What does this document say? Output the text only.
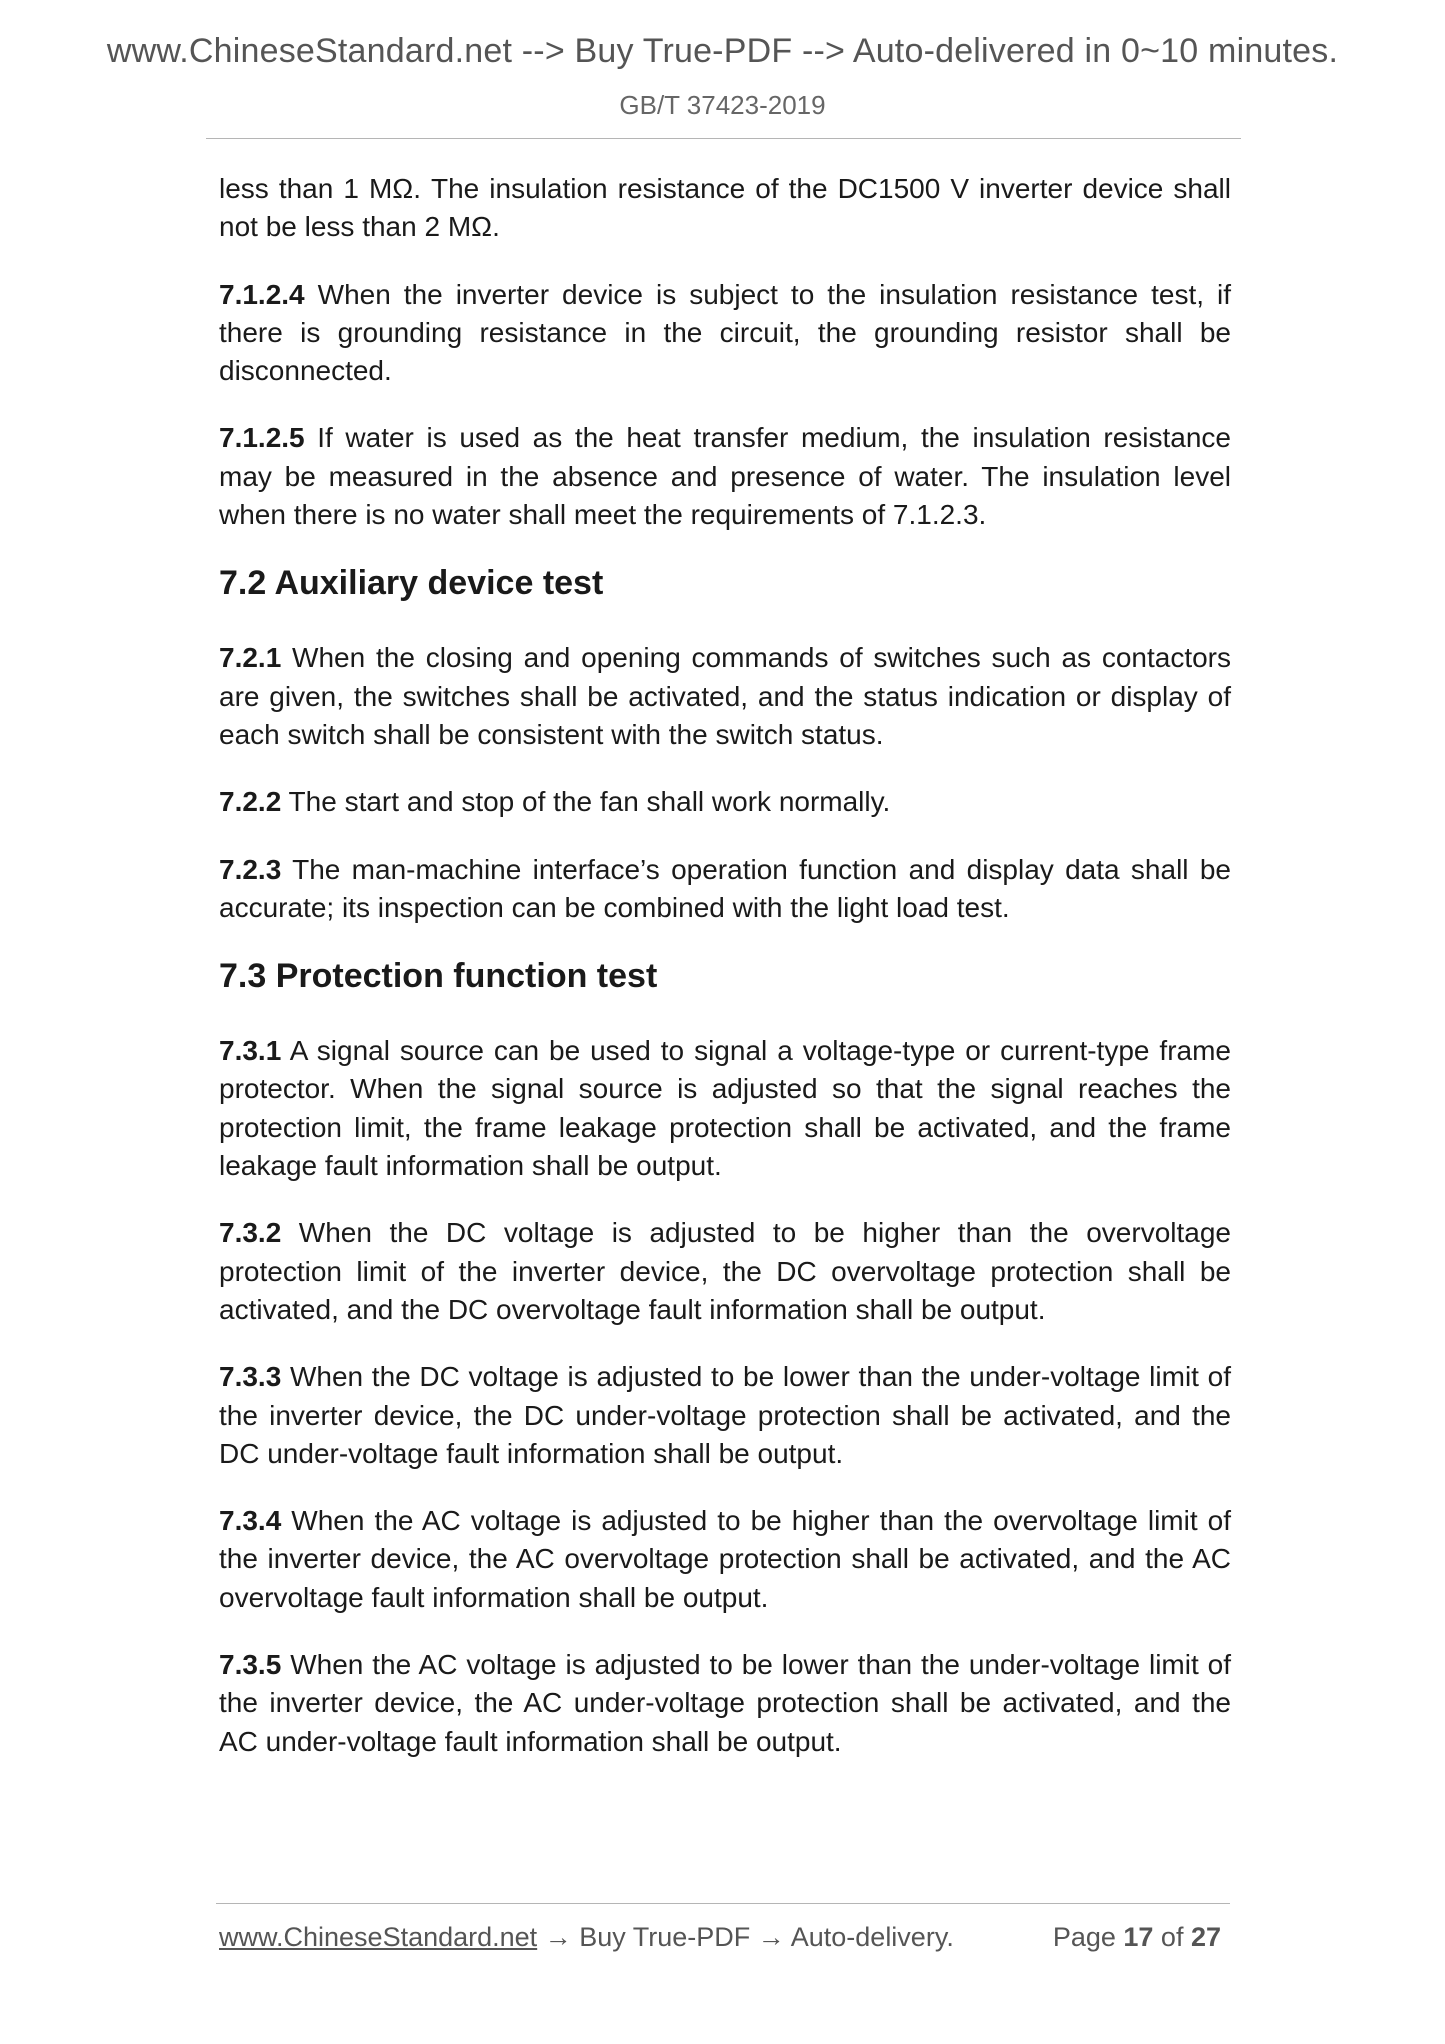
www.ChineseStandard.net --> Buy True-PDF --> Auto-delivered in 0~10 minutes.
GB/T 37423-2019

less than 1 MΩ. The insulation resistance of the DC1500 V inverter device shall not be less than 2 MΩ.

7.1.2.4 When the inverter device is subject to the insulation resistance test, if there is grounding resistance in the circuit, the grounding resistor shall be disconnected.

7.1.2.5 If water is used as the heat transfer medium, the insulation resistance may be measured in the absence and presence of water. The insulation level when there is no water shall meet the requirements of 7.1.2.3.

7.2 Auxiliary device test

7.2.1 When the closing and opening commands of switches such as contactors are given, the switches shall be activated, and the status indication or display of each switch shall be consistent with the switch status.

7.2.2 The start and stop of the fan shall work normally.

7.2.3 The man-machine interface’s operation function and display data shall be accurate; its inspection can be combined with the light load test.

7.3 Protection function test

7.3.1 A signal source can be used to signal a voltage-type or current-type frame protector. When the signal source is adjusted so that the signal reaches the protection limit, the frame leakage protection shall be activated, and the frame leakage fault information shall be output.

7.3.2 When the DC voltage is adjusted to be higher than the overvoltage protection limit of the inverter device, the DC overvoltage protection shall be activated, and the DC overvoltage fault information shall be output.

7.3.3 When the DC voltage is adjusted to be lower than the under-voltage limit of the inverter device, the DC under-voltage protection shall be activated, and the DC under-voltage fault information shall be output.

7.3.4 When the AC voltage is adjusted to be higher than the overvoltage limit of the inverter device, the AC overvoltage protection shall be activated, and the AC overvoltage fault information shall be output.

7.3.5 When the AC voltage is adjusted to be lower than the under-voltage limit of the inverter device, the AC under-voltage protection shall be activated, and the AC under-voltage fault information shall be output.

www.ChineseStandard.net → Buy True-PDF → Auto-delivery.	Page 17 of 27
